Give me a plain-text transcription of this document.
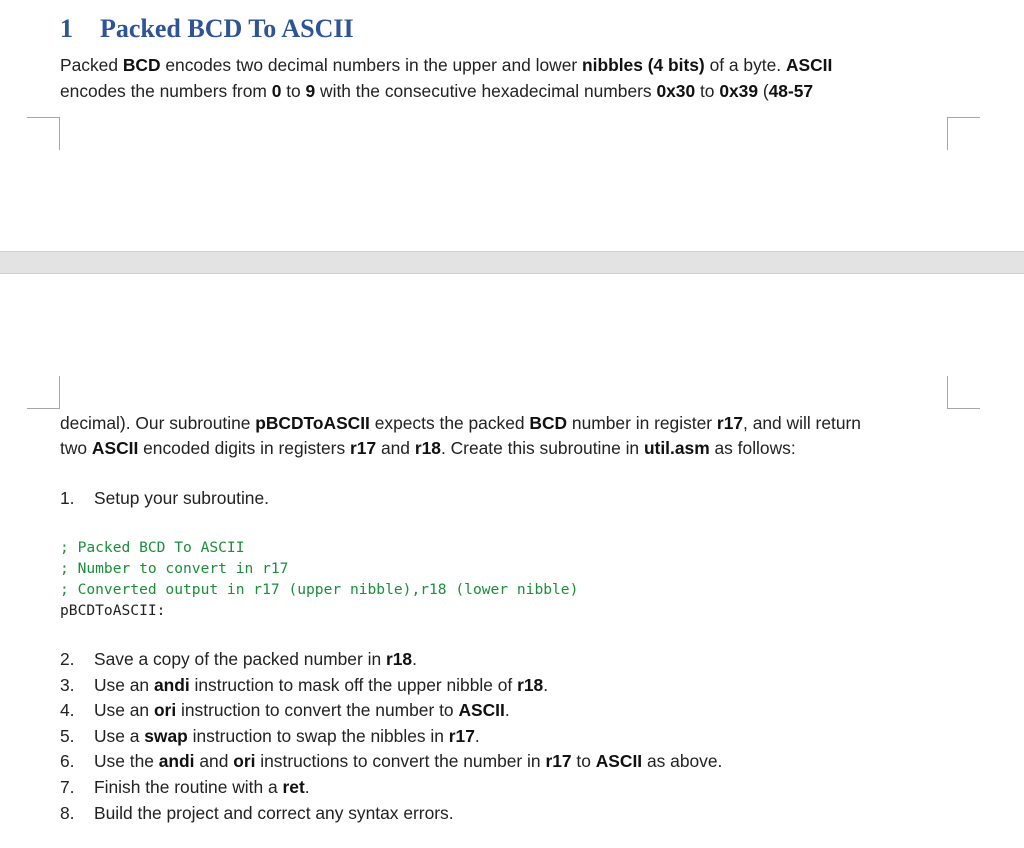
1 Packed BCD To ASCII
Packed BCD encodes two decimal numbers in the upper and lower nibbles (4 bits) of a byte. ASCII
encodes the numbers from 0 to 9 with the consecutive hexadecimal numbers 0x30 to 0x39 (48-57
decimal). Our subroutine pBCDToASCII expects the packed BCD number in register r17, and will return
two ASCII encoded digits in registers r17 and r18. Create this subroutine in util.asm as follows:
1. Setup your subroutine.
; Packed BCD To ASCII
; Number to convert in r17
; Converted output in r17 (upper nibble),r18 (lower nibble)
pBCDToASCII:
2. Save a copy of the packed number in r18.
3. Use an andi instruction to mask off the upper nibble of r18.
4. Use an ori instruction to convert the number to ASCII.
5. Use a swap instruction to swap the nibbles in r17.
6. Use the andi and ori instructions to convert the number in r17 to ASCII as above.
7. Finish the routine with a ret.
8. Build the project and correct any syntax errors.
